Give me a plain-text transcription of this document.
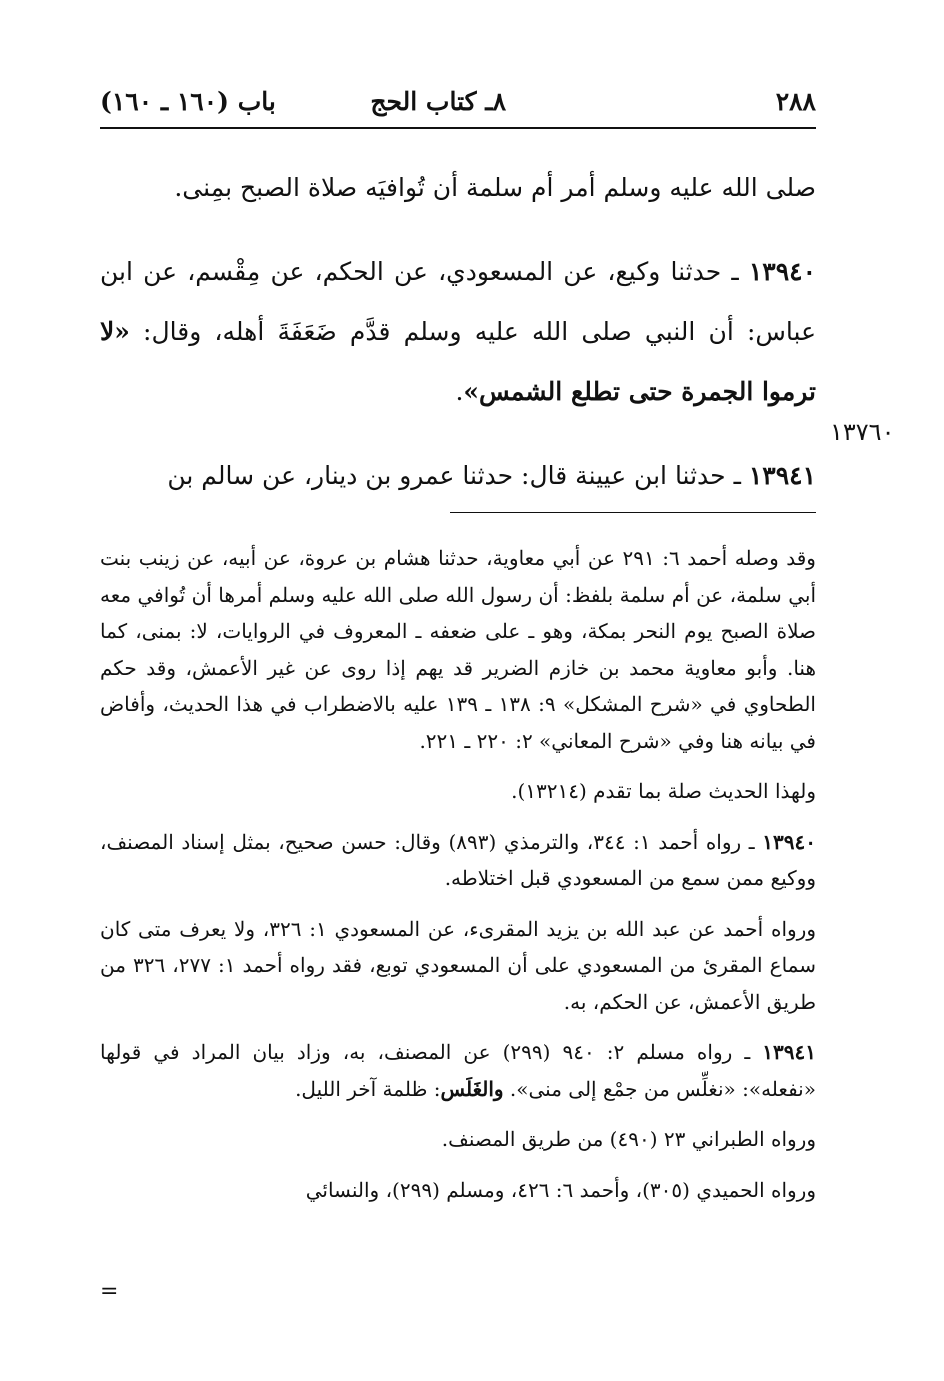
٢٨٨
٨ـ كتاب الحج
باب (١٦٠ ـ ١٦٠)

صلى الله عليه وسلم أمر أم سلمة أن تُوافيَه صلاة الصبح بمِنى.

١٣٩٤٠ ـ حدثنا وكيع، عن المسعودي، عن الحكم، عن مِقْسم، عن ابن عباس: أن النبي صلى الله عليه وسلم قدَّم ضَعَفَةَ أهله، وقال: «لا ترموا الجمرة حتى تطلع الشمس».

١٣٩٤١ ـ حدثنا ابن عيينة قال: حدثنا عمرو بن دينار، عن سالم بن

١٣٧٦٠

وقد وصله أحمد ٦: ٢٩١ عن أبي معاوية، حدثنا هشام بن عروة، عن أبيه، عن زينب بنت أبي سلمة، عن أم سلمة بلفظ: أن رسول الله صلى الله عليه وسلم أمرها أن تُوافي معه صلاة الصبح يوم النحر بمكة، وهو ـ على ضعفه ـ المعروف في الروايات، لا: بمنى، كما هنا. وأبو معاوية محمد بن خازم الضرير قد يهم إذا روى عن غير الأعمش، وقد حكم الطحاوي في «شرح المشكل» ٩: ١٣٨ ـ ١٣٩ عليه بالاضطراب في هذا الحديث، وأفاض في بيانه هنا وفي «شرح المعاني» ٢: ٢٢٠ ـ ٢٢١.

ولهذا الحديث صلة بما تقدم (١٣٢١٤).

١٣٩٤٠ ـ رواه أحمد ١: ٣٤٤، والترمذي (٨٩٣) وقال: حسن صحيح، بمثل إسناد المصنف، ووكيع ممن سمع من المسعودي قبل اختلاطه.

ورواه أحمد عن عبد الله بن يزيد المقرىء، عن المسعودي ١: ٣٢٦، ولا يعرف متى كان سماع المقرئ من المسعودي على أن المسعودي توبع، فقد رواه أحمد ١: ٢٧٧، ٣٢٦ من طريق الأعمش، عن الحكم، به.

١٣٩٤١ ـ رواه مسلم ٢: ٩٤٠ (٢٩٩) عن المصنف، به، وزاد بيان المراد في قولها «نفعله»: «نغلِّس من جمْع إلى منى». والغَلَس: ظلمة آخر الليل.

ورواه الطبراني ٢٣ (٤٩٠) من طريق المصنف.

ورواه الحميدي (٣٠٥)، وأحمد ٦: ٤٢٦، ومسلم (٢٩٩)، والنسائي

=
